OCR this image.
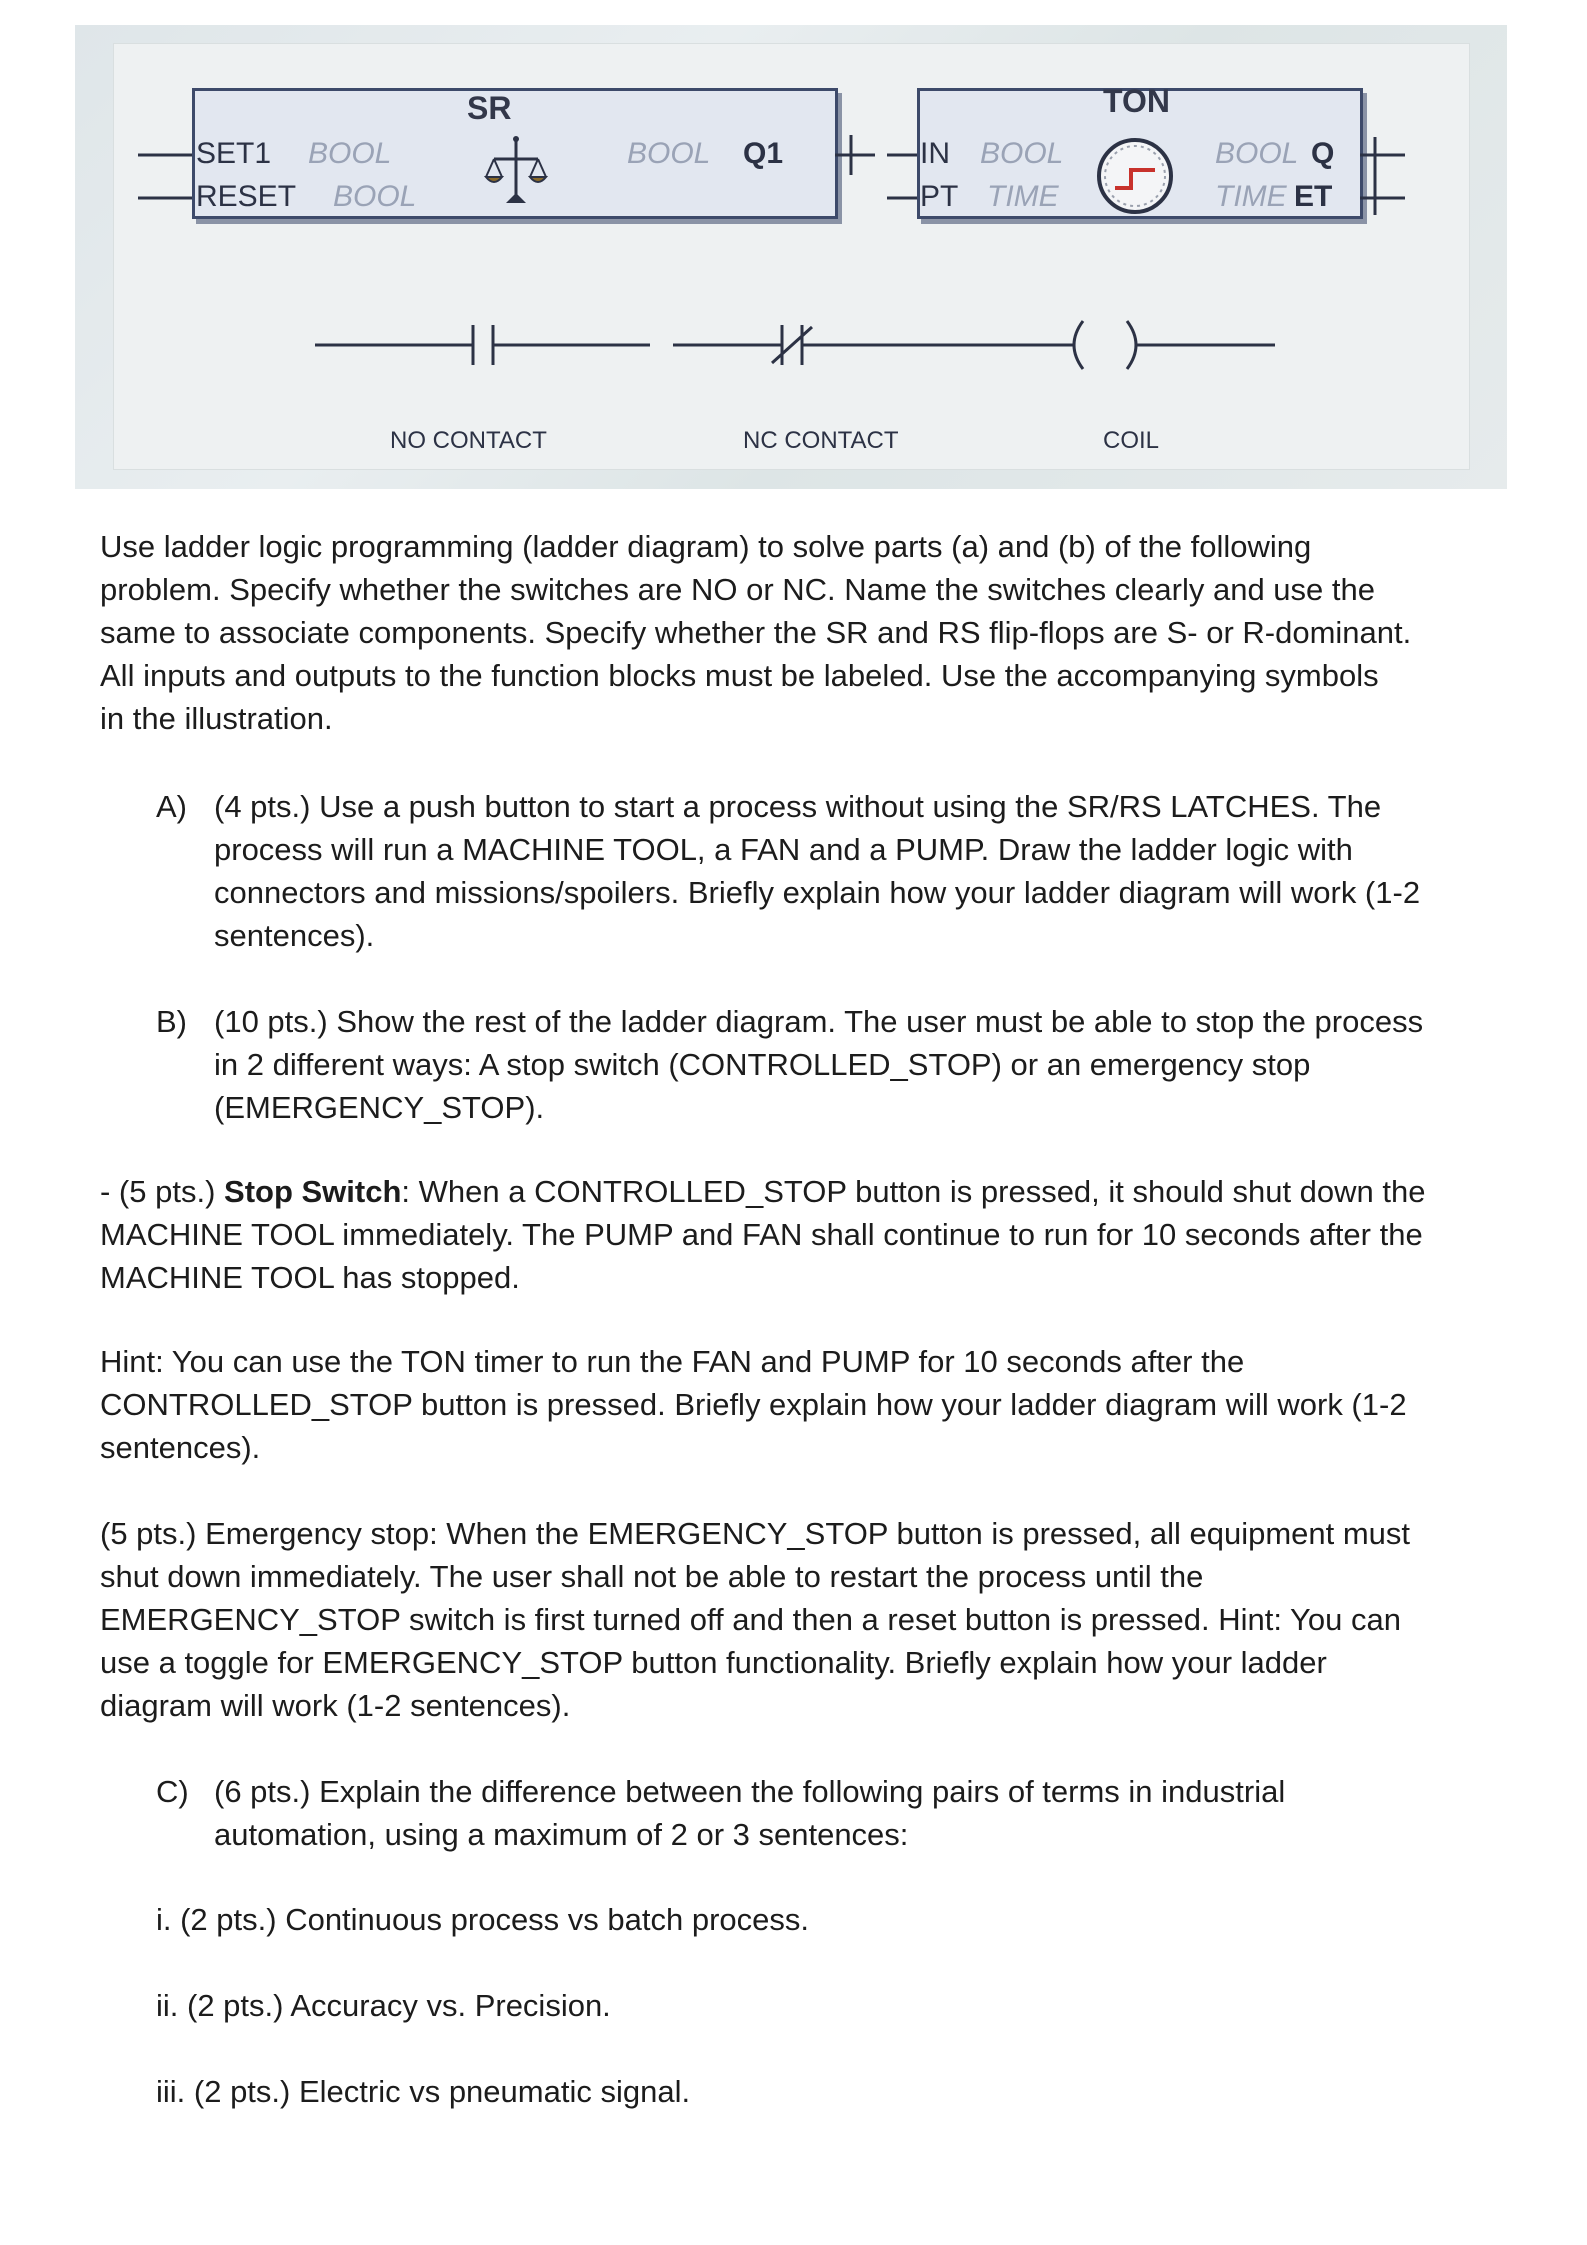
SR
SET1 BOOL
RESET BOOL
BOOL Q1
TON
IN BOOL
PT TIME
BOOL Q
TIME ET
NO CONTACT	NC CONTACT	COIL

Use ladder logic programming (ladder diagram) to solve parts (a) and (b) of the following
problem. Specify whether the switches are NO or NC. Name the switches clearly and use the
same to associate components. Specify whether the SR and RS flip-flops are S- or R-dominant.
All inputs and outputs to the function blocks must be labeled. Use the accompanying symbols
in the illustration.

A) (4 pts.) Use a push button to start a process without using the SR/RS LATCHES. The
process will run a MACHINE TOOL, a FAN and a PUMP. Draw the ladder logic with
connectors and missions/spoilers. Briefly explain how your ladder diagram will work (1-2
sentences).
B) (10 pts.) Show the rest of the ladder diagram. The user must be able to stop the process
in 2 different ways: A stop switch (CONTROLLED_STOP) or an emergency stop
(EMERGENCY_STOP).

- (5 pts.) Stop Switch: When a CONTROLLED_STOP button is pressed, it should shut down the
MACHINE TOOL immediately. The PUMP and FAN shall continue to run for 10 seconds after the
MACHINE TOOL has stopped.

Hint: You can use the TON timer to run the FAN and PUMP for 10 seconds after the
CONTROLLED_STOP button is pressed. Briefly explain how your ladder diagram will work (1-2
sentences).

(5 pts.) Emergency stop: When the EMERGENCY_STOP button is pressed, all equipment must
shut down immediately. The user shall not be able to restart the process until the
EMERGENCY_STOP switch is first turned off and then a reset button is pressed. Hint: You can
use a toggle for EMERGENCY_STOP button functionality. Briefly explain how your ladder
diagram will work (1-2 sentences).

C) (6 pts.) Explain the difference between the following pairs of terms in industrial
automation, using a maximum of 2 or 3 sentences:

i. (2 pts.) Continuous process vs batch process.

ii. (2 pts.) Accuracy vs. Precision.

iii. (2 pts.) Electric vs pneumatic signal.
